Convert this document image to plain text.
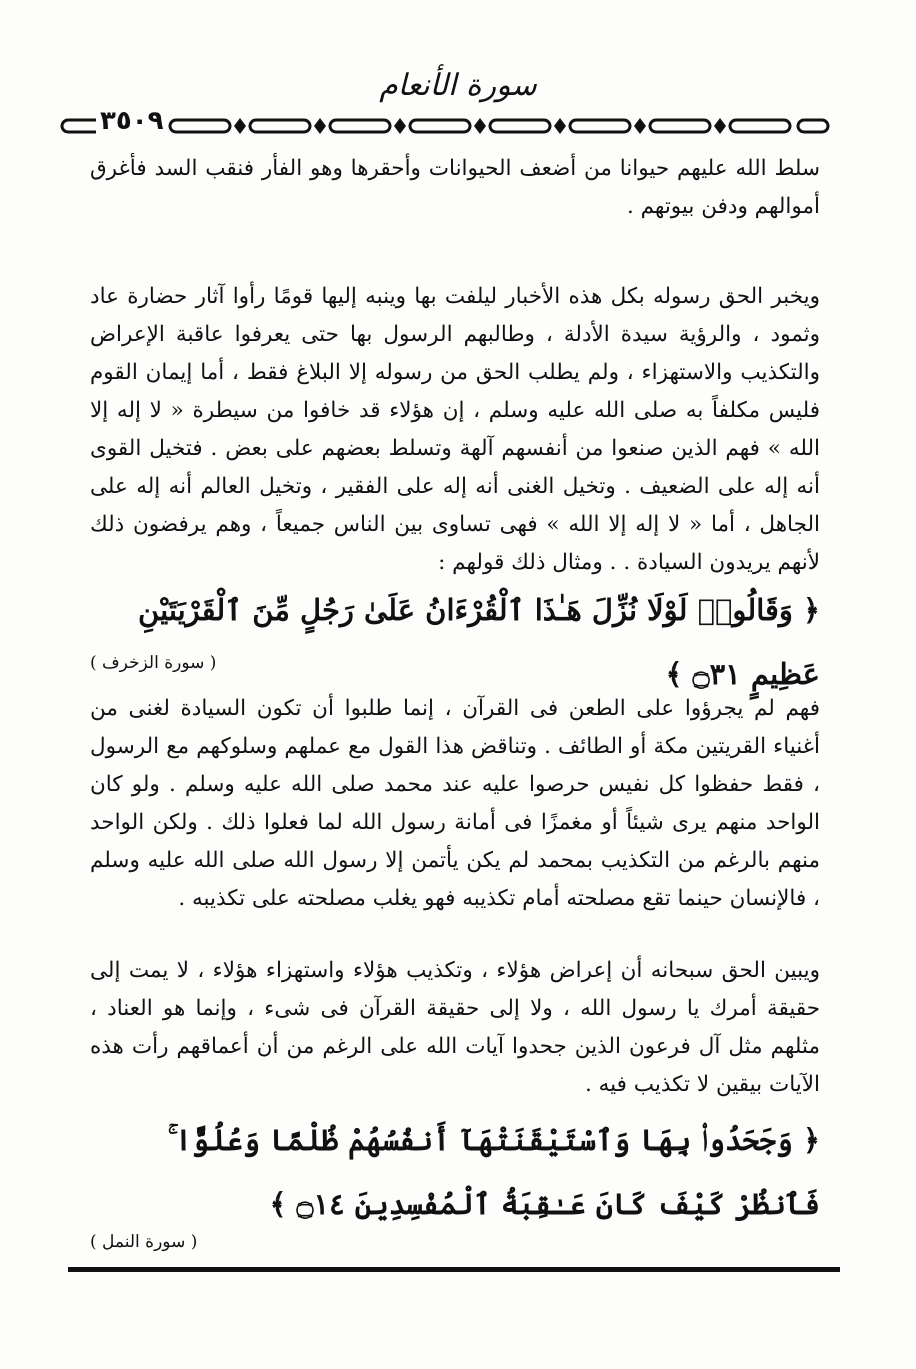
سورة الأنعام
٣٥٠٩
سلط الله عليهم حيوانا من أضعف الحيوانات وأحقرها وهو الفأر فنقب السد فأغرق أموالهم ودفن بيوتهم .
ويخبر الحق رسوله بكل هذه الأخبار ليلفت بها وينبه إليها قومًا رأوا آثار حضارة عاد وثمود ، والرؤية سيدة الأدلة ، وطالبهم الرسول بها حتى يعرفوا عاقبة الإعراض والتكذيب والاستهزاء ، ولم يطلب الحق من رسوله إلا البلاغ فقط ، أما إيمان القوم فليس مكلفاً به صلى الله عليه وسلم ، إن هؤلاء قد خافوا من سيطرة « لا إله إلا الله » فهم الذين صنعوا من أنفسهم آلهة وتسلط بعضهم على بعض . فتخيل القوى أنه إله على الضعيف . وتخيل الغنى أنه إله على الفقير ، وتخيل العالم أنه إله على الجاهل ، أما « لا إله إلا الله » فهى تساوى بين الناس جميعاً ، وهم يرفضون ذلك لأنهم يريدون السيادة . . ومثال ذلك قولهم :
﴿ وَقَالُوا۟ لَوْلَا نُزِّلَ هَـٰذَا ٱلْقُرْءَانُ عَلَىٰ رَجُلٍ مِّنَ ٱلْقَرْيَتَيْنِ عَظِيمٍ ۝٣١ ﴾
( سورة الزخرف )
فهم لم يجرؤوا على الطعن فى القرآن ، إنما طلبوا أن تكون السيادة لغنى من أغنياء القريتين مكة أو الطائف . وتناقض هذا القول مع عملهم وسلوكهم مع الرسول ، فقط حفظوا كل نفيس حرصوا عليه عند محمد صلى الله عليه وسلم . ولو كان الواحد منهم يرى شيئاً أو مغمزًا فى أمانة رسول الله لما فعلوا ذلك . ولكن الواحد منهم بالرغم من التكذيب بمحمد لم يكن يأتمن إلا رسول الله صلى الله عليه وسلم ، فالإنسان حينما تقع مصلحته أمام تكذيبه فهو يغلب مصلحته على تكذيبه .
ويبين الحق سبحانه أن إعراض هؤلاء ، وتكذيب هؤلاء واستهزاء هؤلاء ، لا يمت إلى حقيقة أمرك يا رسول الله ، ولا إلى حقيقة القرآن فى شىء ، وإنما هو العناد ، مثلهم مثل آل فرعون الذين جحدوا آيات الله على الرغم من أن أعماقهم رأت هذه الآيات بيقين لا تكذيب فيه .
﴿ وَجَحَدُوا۟ بِهَا وَٱسْتَيْقَنَتْهَآ أَنفُسُهُمْ ظُلْمًا وَعُلُوًّا ۚ فَٱنظُرْ كَيْفَ كَانَ عَـٰقِبَةُ ٱلْمُفْسِدِينَ ۝١٤ ﴾
( سورة النمل )
